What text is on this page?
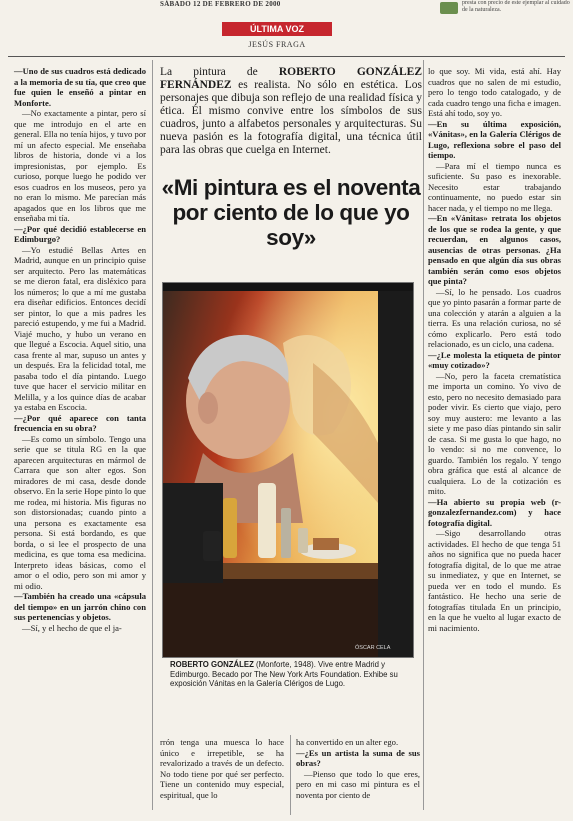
SÁBADO 12 DE FEBRERO DE 2000	presta con precio de este ejemplar al cuidado de la naturaleza.
ÚLTIMA VOZ
JESÚS FRAGA

—Uno de sus cuadros está dedicado a la memoria de su tía, que creo que fue quien le enseñó a pintar en Monforte.

—No exactamente a pintar, pero sí que me introdujo en el arte en general. Ella no tenía hijos, y tuvo por mí un afecto especial. Me enseñaba libros de historia, donde vi a los impresionistas, por ejemplo. Es curioso, porque luego he podido ver esos cuadros en los museos, pero ya no eran lo mismo. Me parecían más apagados que en los libros que me enseñaba mi tía.

—¿Por qué decidió establecerse en Edimburgo?

—Yo estudié Bellas Artes en Madrid, aunque en un principio quise ser arquitecto. Pero las matemáticas se me dieron fatal, era disléxico para los números; lo que a mí me gustaba era diseñar edificios. Entonces decidí ser pintor, lo que a mis padres les pareció estupendo, y me fui a Madrid. Viajé mucho, y hubo un verano en que llegué a Escocia. Aquel sitio, una casa frente al mar, supuso un antes y un después. Era la felicidad total, me pasaba todo el día pintando. Luego tuve que hacer el servicio militar en Melilla, y a los quince días de acabar ya estaba en Escocia.

—¿Por qué aparece con tanta frecuencia en su obra?

—Es como un símbolo. Tengo una serie que se titula RG en la que aparecen arquitecturas en mármol de Carrara que son alter egos. Son miradores de mi casa, desde donde observo. En la serie Hope pinto lo que me rodea, mi historia. Mis figuras no son distorsionadas; cuando pinto a una persona es exactamente esa persona. Si está bordando, es que borda, o si lee el prospecto de una medicina, es que toma esa medicina. Interpreto ideas básicas, como el amor o el odio, pero son mi amor y mi odio.

—También ha creado una «cápsula del tiempo» en un jarrón chino con sus pertenencias y objetos.

—Sí, y el hecho de que el ja-

La pintura de ROBERTO GONZÁLEZ FERNÁNDEZ es realista. No sólo en estética. Los personajes que dibuja son reflejo de una realidad física y ética. Él mismo convive entre los símbolos de sus cuadros, junto a alfabetos personales y arquitecturas. Su nueva pasión es la fotografía digital, una técnica útil para las obras que cuelga en Internet.
«Mi pintura es el noventa por ciento de lo que yo soy»
ÓSCAR CELA
ROBERTO GONZÁLEZ (Monforte, 1948). Vive entre Madrid y Edimburgo. Becado por The New York Arts Foundation. Exhibe su exposición Vánitas en la Galería Clérigos de Lugo.

rrón tenga una muesca lo hace único e irrepetible, se ha revalorizado a través de un defecto. No todo tiene por qué ser perfecto. Tiene un contenido muy especial, espiritual, que lo

ha convertido en un alter ego.

—¿Es un artista la suma de sus obras?

—Pienso que todo lo que eres, pero en mi caso mi pintura es el noventa por ciento de

lo que soy. Mi vida, está ahí. Hay cuadros que no salen de mi estudio, pero lo tengo todo catalogado, y de cada cuadro tengo una ficha e imagen. Está ahí todo, soy yo.

—En su última exposición, «Vánitas», en la Galería Clérigos de Lugo, reflexiona sobre el paso del tiempo.

—Para mí el tiempo nunca es suficiente. Su paso es inexorable. Necesito estar trabajando continuamente, no puedo estar sin hacer nada, y el tiempo no me llega.

—En «Vánitas» retrata los objetos de los que se rodea la gente, y que recuerdan, en algunos casos, ausencias de otras personas. ¿Ha pensado en que algún día sus obras también serán como esos objetos que pinta?

—Sí, lo he pensado. Los cuadros que yo pinto pasarán a formar parte de una colección y atarán a alguien a la tierra. Es una relación curiosa, no sé cómo explicarlo. Pero está todo relacionado, es un ciclo, una cadena.

—¿Le molesta la etiqueta de pintor «muy cotizado»?

—No, pero la faceta crematística me importa un comino. Yo vivo de esto, pero no necesito demasiado para poder vivir. Es cierto que viajo, pero soy muy austero: me levanto a las siete y me paso días pintando sin salir de casa. Si me gusta lo que hago, no lo vendo: si no me convence, lo guardo. También los regalo. Y tengo obra gráfica que está al alcance de cualquiera. Lo de la cotización es mito.

—Ha abierto su propia web (r-gonzalezfernandez.com) y hace fotografía digital.

—Sigo desarrollando otras actividades. El hecho de que tenga 51 años no significa que no pueda hacer fotografía digital, de lo que me atrae su inmediatez, y que en Internet, se pueda ver en todo el mundo. Es fantástico. He hecho una serie de fotografías titulada En un principio, en la que he vuelto al lugar exacto de mi nacimiento.
